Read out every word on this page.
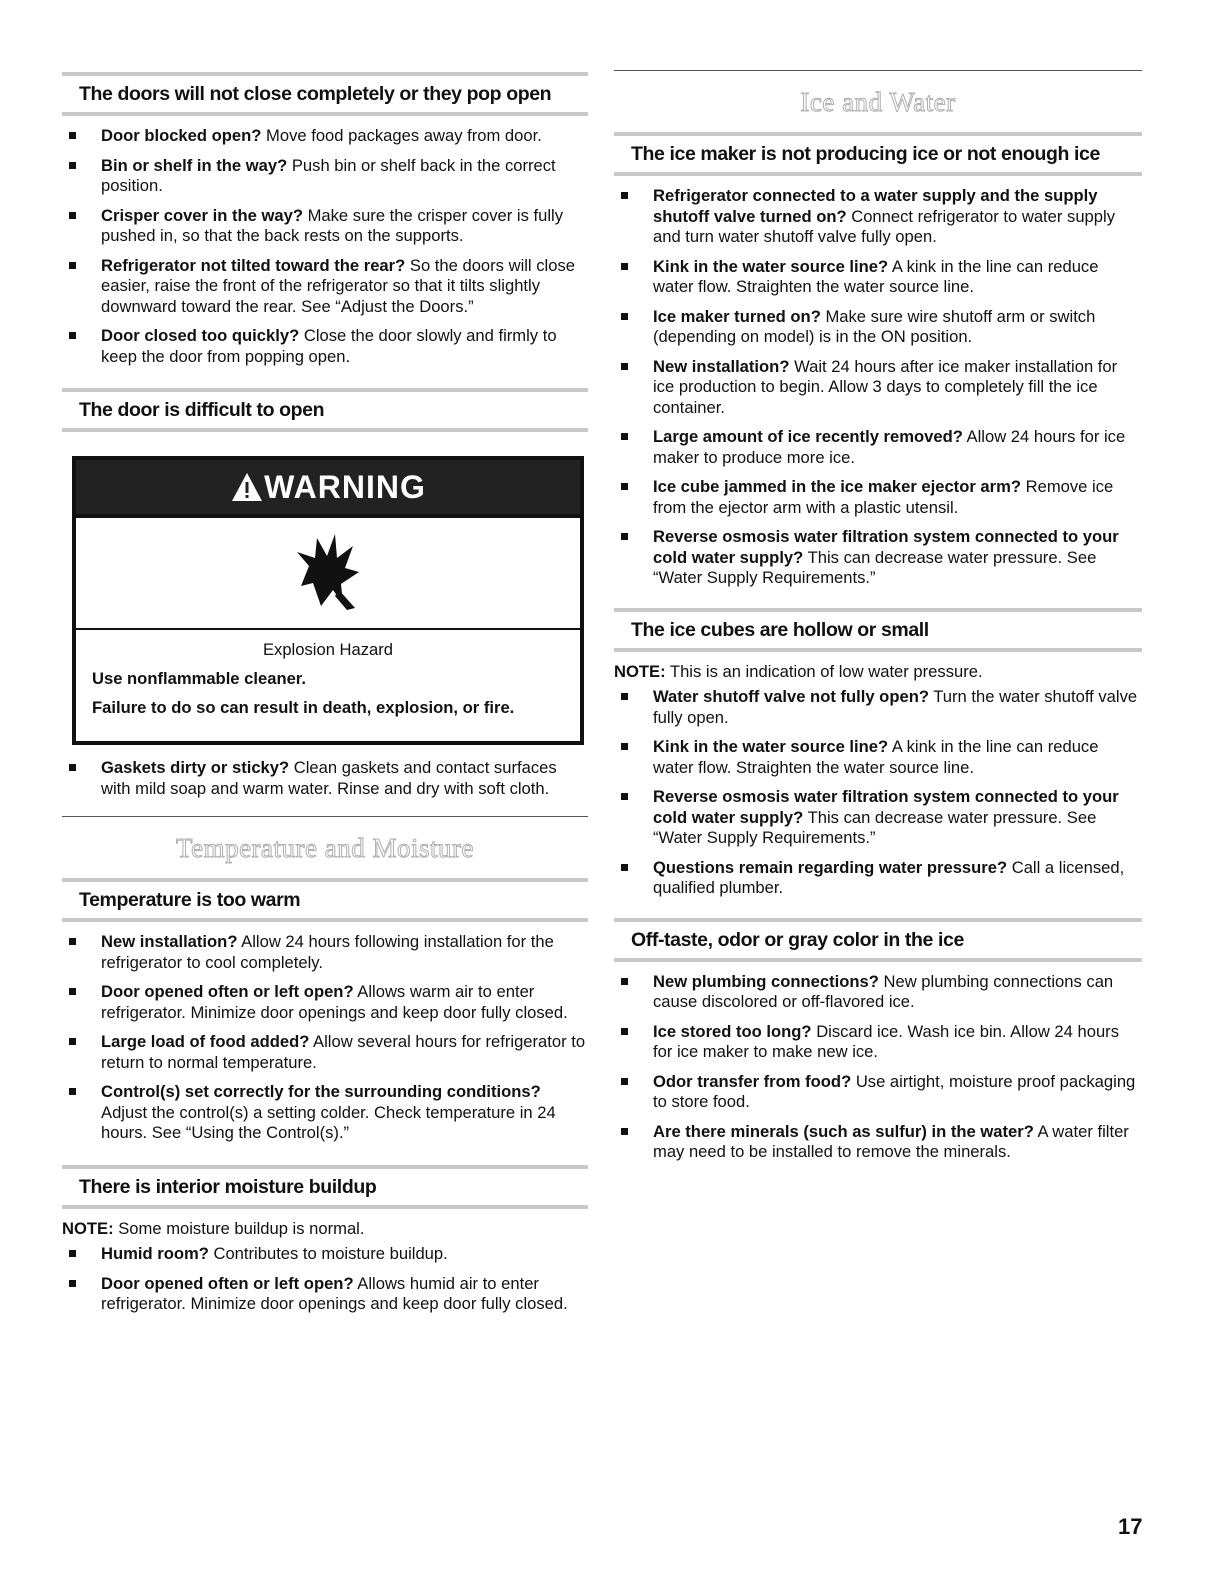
The doors will not close completely or they pop open
Door blocked open? Move food packages away from door.
Bin or shelf in the way? Push bin or shelf back in the correct position.
Crisper cover in the way? Make sure the crisper cover is fully pushed in, so that the back rests on the supports.
Refrigerator not tilted toward the rear? So the doors will close easier, raise the front of the refrigerator so that it tilts slightly downward toward the rear. See “Adjust the Doors.”
Door closed too quickly? Close the door slowly and firmly to keep the door from popping open.
The door is difficult to open
WARNING
Explosion Hazard
Use nonflammable cleaner.
Failure to do so can result in death, explosion, or fire.
Gaskets dirty or sticky? Clean gaskets and contact surfaces with mild soap and warm water. Rinse and dry with soft cloth.
Temperature and Moisture
Temperature is too warm
New installation? Allow 24 hours following installation for the refrigerator to cool completely.
Door opened often or left open? Allows warm air to enter refrigerator. Minimize door openings and keep door fully closed.
Large load of food added? Allow several hours for refrigerator to return to normal temperature.
Control(s) set correctly for the surrounding conditions? Adjust the control(s) a setting colder. Check temperature in 24 hours. See “Using the Control(s).”
There is interior moisture buildup
NOTE: Some moisture buildup is normal.
Humid room? Contributes to moisture buildup.
Door opened often or left open? Allows humid air to enter refrigerator. Minimize door openings and keep door fully closed.
Ice and Water
The ice maker is not producing ice or not enough ice
Refrigerator connected to a water supply and the supply shutoff valve turned on? Connect refrigerator to water supply and turn water shutoff valve fully open.
Kink in the water source line? A kink in the line can reduce water flow. Straighten the water source line.
Ice maker turned on? Make sure wire shutoff arm or switch (depending on model) is in the ON position.
New installation? Wait 24 hours after ice maker installation for ice production to begin. Allow 3 days to completely fill the ice container.
Large amount of ice recently removed? Allow 24 hours for ice maker to produce more ice.
Ice cube jammed in the ice maker ejector arm? Remove ice from the ejector arm with a plastic utensil.
Reverse osmosis water filtration system connected to your cold water supply? This can decrease water pressure. See “Water Supply Requirements.”
The ice cubes are hollow or small
NOTE: This is an indication of low water pressure.
Water shutoff valve not fully open? Turn the water shutoff valve fully open.
Kink in the water source line? A kink in the line can reduce water flow. Straighten the water source line.
Reverse osmosis water filtration system connected to your cold water supply? This can decrease water pressure. See “Water Supply Requirements.”
Questions remain regarding water pressure? Call a licensed, qualified plumber.
Off-taste, odor or gray color in the ice
New plumbing connections? New plumbing connections can cause discolored or off-flavored ice.
Ice stored too long? Discard ice. Wash ice bin. Allow 24 hours for ice maker to make new ice.
Odor transfer from food? Use airtight, moisture proof packaging to store food.
Are there minerals (such as sulfur) in the water? A water filter may need to be installed to remove the minerals.
17
